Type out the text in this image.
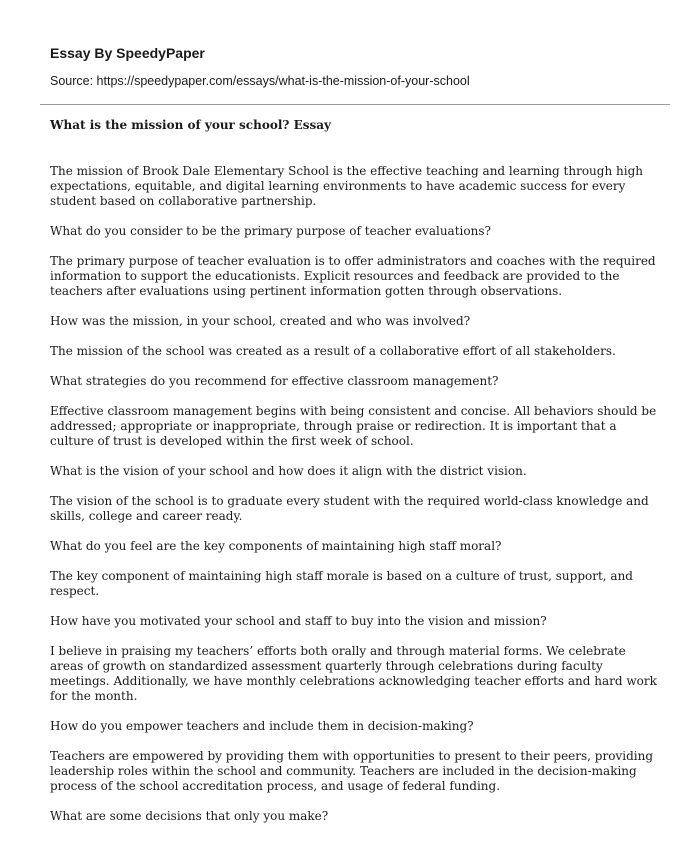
Essay By SpeedyPaper

Source: https://speedypaper.com/essays/what-is-the-mission-of-your-school

What is the mission of your school? Essay

The mission of Brook Dale Elementary School is the effective teaching and learning through high expectations, equitable, and digital learning environments to have academic success for every student based on collaborative partnership.

What do you consider to be the primary purpose of teacher evaluations?

The primary purpose of teacher evaluation is to offer administrators and coaches with the required information to support the educationists. Explicit resources and feedback are provided to the teachers after evaluations using pertinent information gotten through observations.

How was the mission, in your school, created and who was involved?

The mission of the school was created as a result of a collaborative effort of all stakeholders.

What strategies do you recommend for effective classroom management?

Effective classroom management begins with being consistent and concise. All behaviors should be addressed; appropriate or inappropriate, through praise or redirection. It is important that a culture of trust is developed within the first week of school.

What is the vision of your school and how does it align with the district vision.

The vision of the school is to graduate every student with the required world-class knowledge and skills, college and career ready.

What do you feel are the key components of maintaining high staff moral?

The key component of maintaining high staff morale is based on a culture of trust, support, and respect.

How have you motivated your school and staff to buy into the vision and mission?

I believe in praising my teachers’ efforts both orally and through material forms. We celebrate areas of growth on standardized assessment quarterly through celebrations during faculty meetings. Additionally, we have monthly celebrations acknowledging teacher efforts and hard work for the month.

How do you empower teachers and include them in decision-making?

Teachers are empowered by providing them with opportunities to present to their peers, providing leadership roles within the school and community. Teachers are included in the decision-making process of the school accreditation process, and usage of federal funding.

What are some decisions that only you make?
